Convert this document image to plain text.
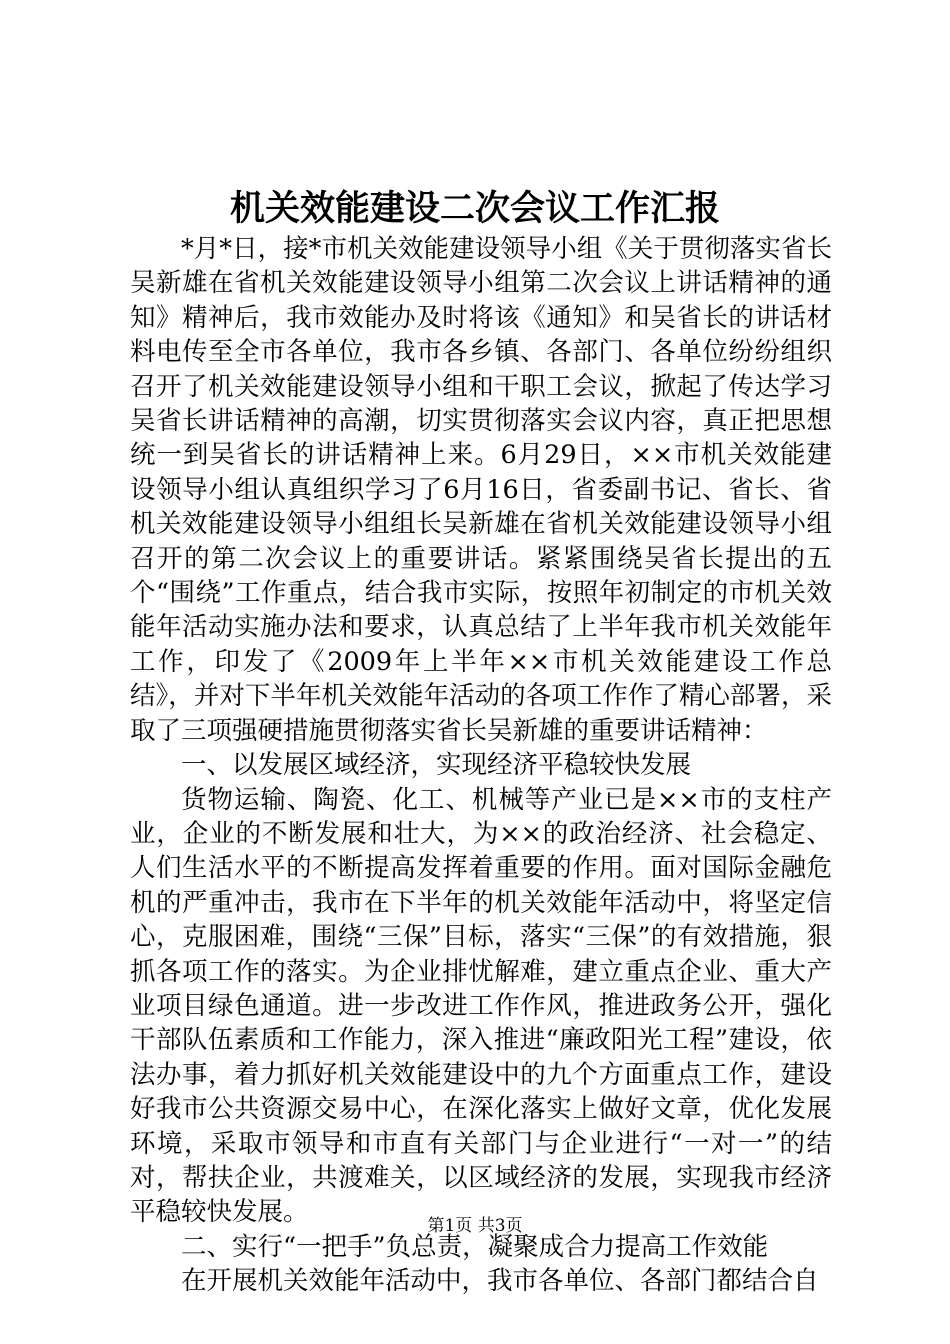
机关效能建设二次会议工作汇报

*月*日，接*市机关效能建设领导小组《关于贯彻落实省长吴新雄在省机关效能建设领导小组第二次会议上讲话精神的通知》精神后，我市效能办及时将该《通知》和吴省长的讲话材料电传至全市各单位，我市各乡镇、各部门、各单位纷纷组织召开了机关效能建设领导小组和干职工会议，掀起了传达学习吴省长讲话精神的高潮，切实贯彻落实会议内容，真正把思想统一到吴省长的讲话精神上来。6月29日，××市机关效能建设领导小组认真组织学习了6月16日，省委副书记、省长、省机关效能建设领导小组组长吴新雄在省机关效能建设领导小组召开的第二次会议上的重要讲话。紧紧围绕吴省长提出的五个“围绕”工作重点，结合我市实际，按照年初制定的市机关效能年活动实施办法和要求，认真总结了上半年我市机关效能年工作，印发了《2009年上半年××市机关效能建设工作总结》，并对下半年机关效能年活动的各项工作作了精心部署，采取了三项强硬措施贯彻落实省长吴新雄的重要讲话精神：

一、以发展区域经济，实现经济平稳较快发展

货物运输、陶瓷、化工、机械等产业已是××市的支柱产业，企业的不断发展和壮大，为××的政治经济、社会稳定、人们生活水平的不断提高发挥着重要的作用。面对国际金融危机的严重冲击，我市在下半年的机关效能年活动中，将坚定信心，克服困难，围绕“三保”目标，落实“三保”的有效措施，狠抓各项工作的落实。为企业排忧解难，建立重点企业、重大产业项目绿色通道。进一步改进工作作风，推进政务公开，强化干部队伍素质和工作能力，深入推进“廉政阳光工程”建设，依法办事，着力抓好机关效能建设中的九个方面重点工作，建设好我市公共资源交易中心，在深化落实上做好文章，优化发展环境，采取市领导和市直有关部门与企业进行“一对一”的结对，帮扶企业，共渡难关，以区域经济的发展，实现我市经济平稳较快发展。

二、实行“一把手”负总责，凝聚成合力提高工作效能

在开展机关效能年活动中，我市各单位、各部门都结合自

第1页 共3页
